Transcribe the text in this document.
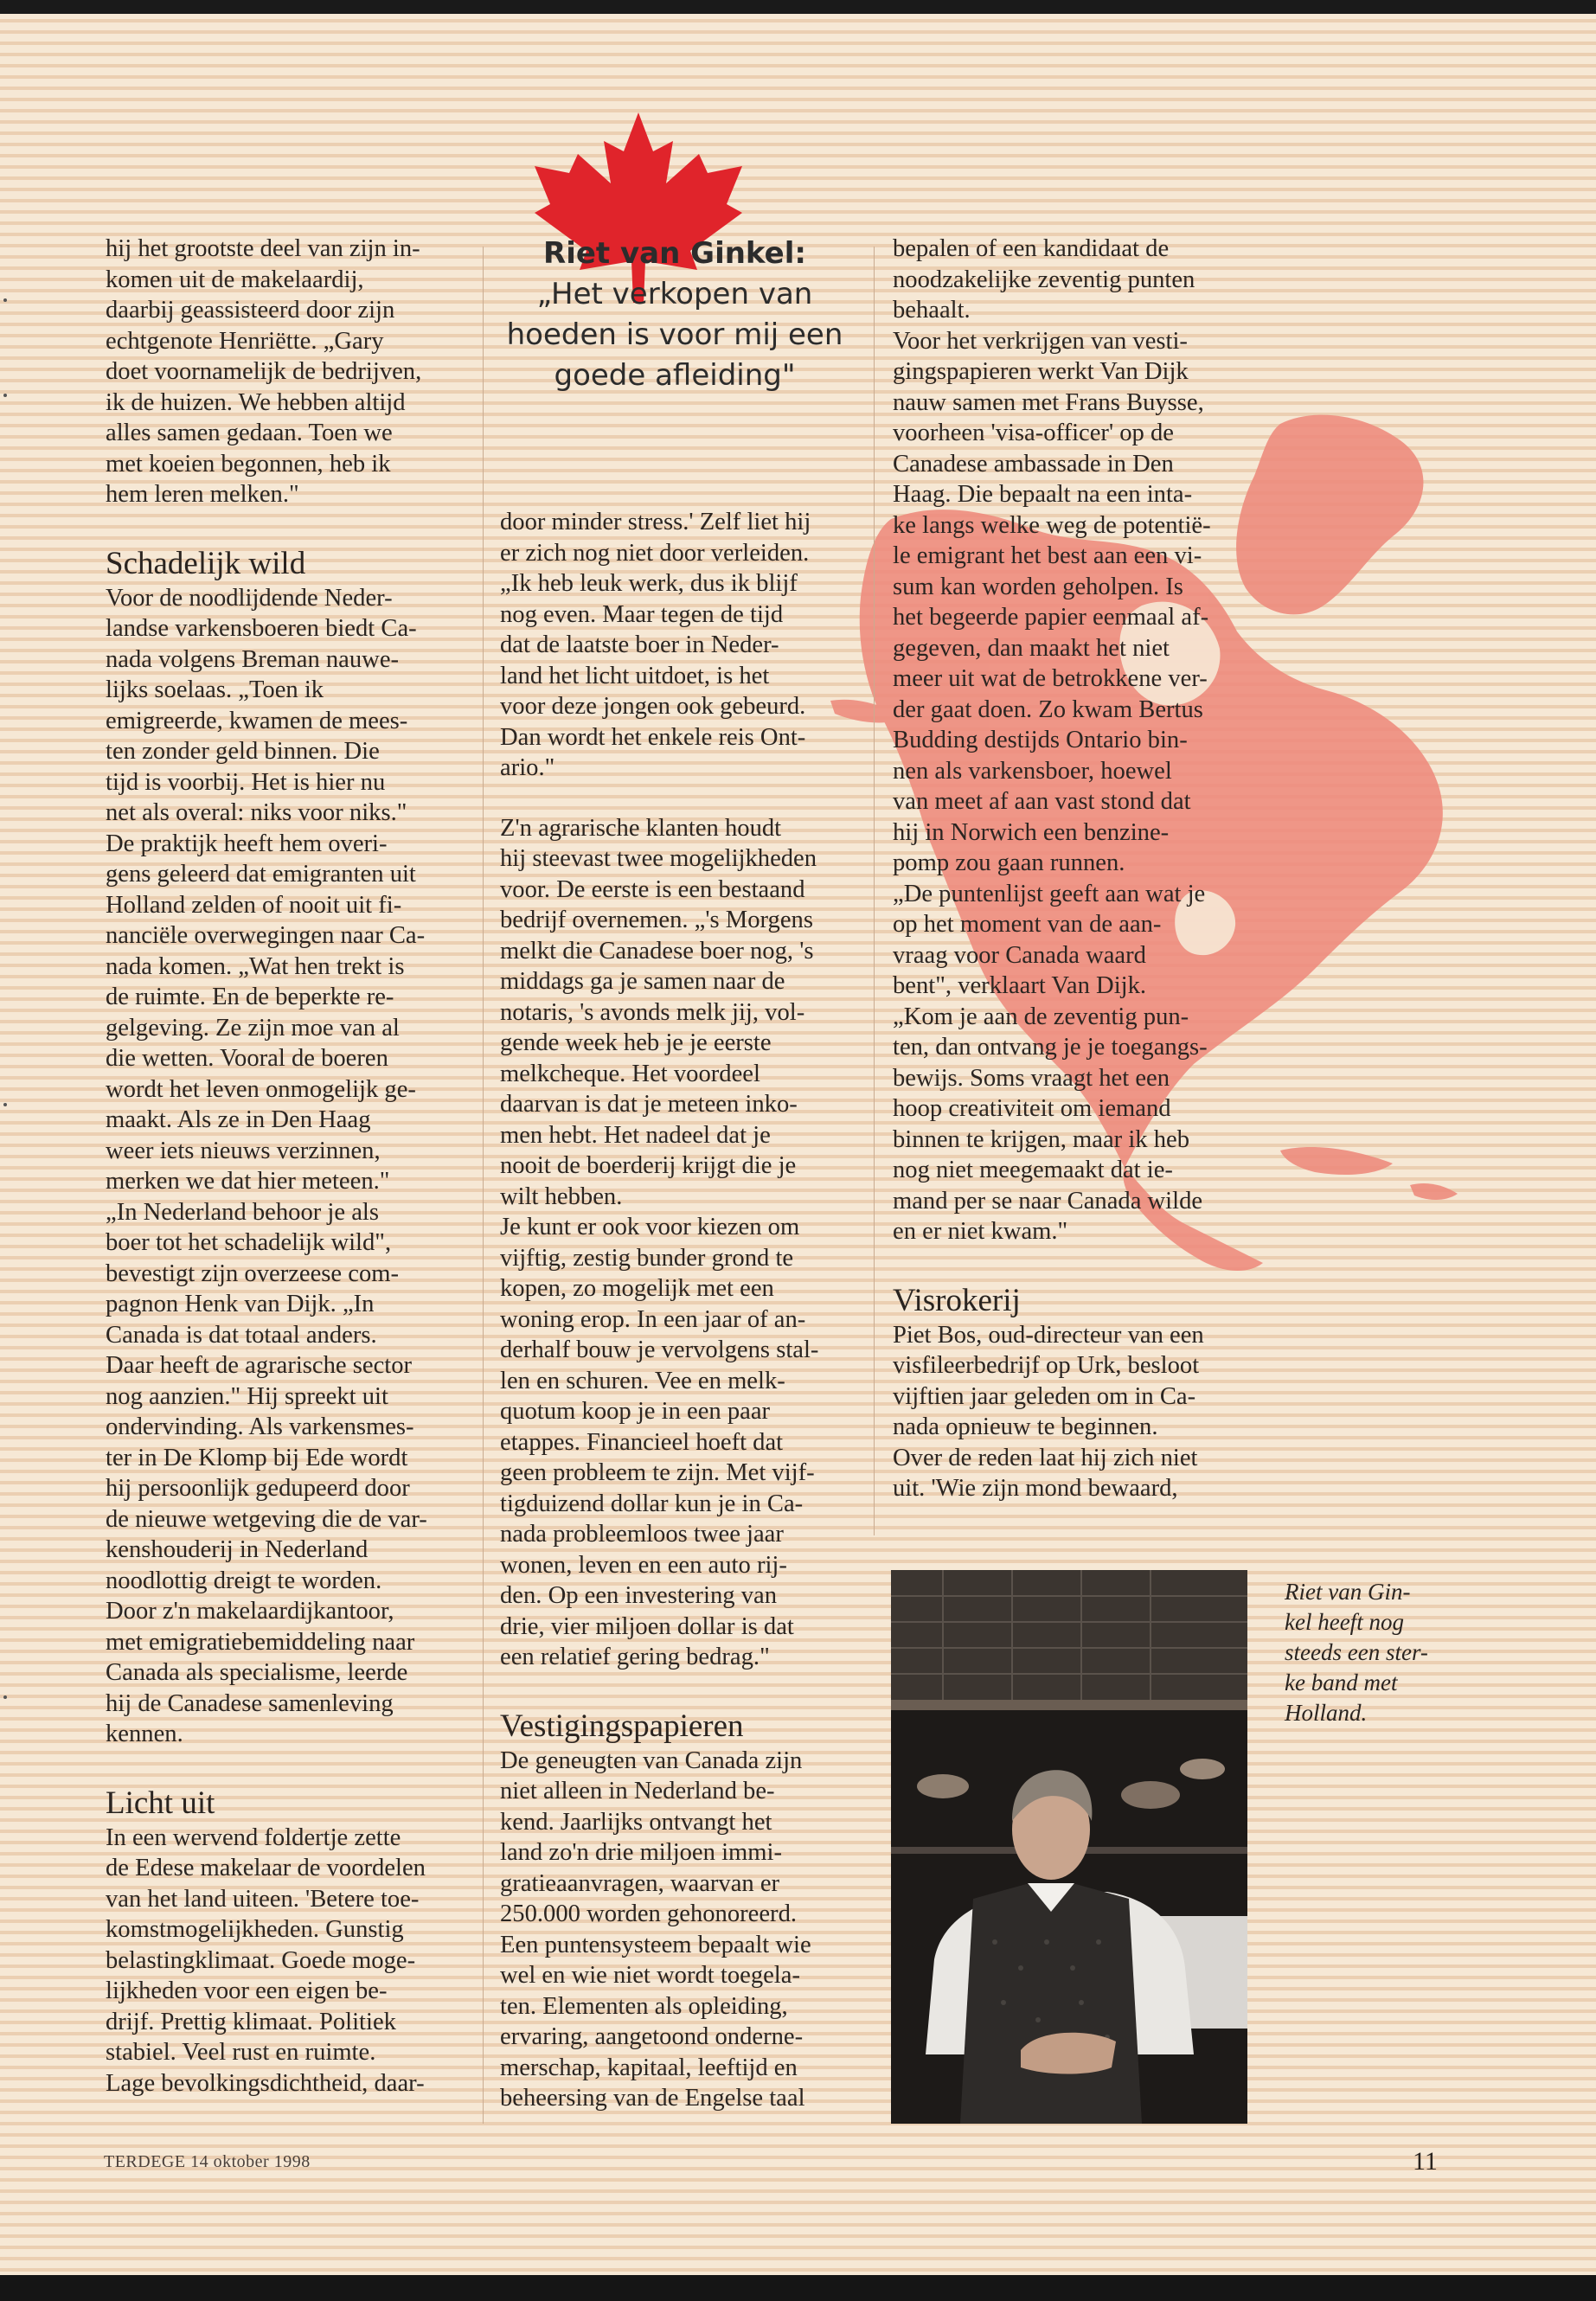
Riet van Ginkel:
„Het verkopen van
hoeden is voor mij een
goede afleiding"

hij het grootste deel van zijn in-

komen uit de makelaardij,

daarbij geassisteerd door zijn

echtgenote Henriëtte. „Gary

doet voornamelijk de bedrijven,

ik de huizen. We hebben altijd

alles samen gedaan. Toen we

met koeien begonnen, heb ik

hem leren melken."

Schadelijk wild

Voor de noodlijdende Neder-

landse varkensboeren biedt Ca-

nada volgens Breman nauwe-

lijks soelaas. „Toen ik

emigreerde, kwamen de mees-

ten zonder geld binnen. Die

tijd is voorbij. Het is hier nu

net als overal: niks voor niks."

De praktijk heeft hem overi-

gens geleerd dat emigranten uit

Holland zelden of nooit uit fi-

nanciële overwegingen naar Ca-

nada komen. „Wat hen trekt is

de ruimte. En de beperkte re-

gelgeving. Ze zijn moe van al

die wetten. Vooral de boeren

wordt het leven onmogelijk ge-

maakt. Als ze in Den Haag

weer iets nieuws verzinnen,

merken we dat hier meteen."

„In Nederland behoor je als

boer tot het schadelijk wild",

bevestigt zijn overzeese com-

pagnon Henk van Dijk. „In

Canada is dat totaal anders.

Daar heeft de agrarische sector

nog aanzien." Hij spreekt uit

ondervinding. Als varkensmes-

ter in De Klomp bij Ede wordt

hij persoonlijk gedupeerd door

de nieuwe wetgeving die de var-

kenshouderij in Nederland

noodlottig dreigt te worden.

Door z'n makelaardijkantoor,

met emigratiebemiddeling naar

Canada als specialisme, leerde

hij de Canadese samenleving

kennen.

Licht uit

In een wervend foldertje zette

de Edese makelaar de voordelen

van het land uiteen. 'Betere toe-

komstmogelijkheden. Gunstig

belastingklimaat. Goede moge-

lijkheden voor een eigen be-

drijf. Prettig klimaat. Politiek

stabiel. Veel rust en ruimte.

Lage bevolkingsdichtheid, daar-

door minder stress.' Zelf liet hij

er zich nog niet door verleiden.

„Ik heb leuk werk, dus ik blijf

nog even. Maar tegen de tijd

dat de laatste boer in Neder-

land het licht uitdoet, is het

voor deze jongen ook gebeurd.

Dan wordt het enkele reis Ont-

ario."

Z'n agrarische klanten houdt

hij steevast twee mogelijkheden

voor. De eerste is een bestaand

bedrijf overnemen. „'s Morgens

melkt die Canadese boer nog, 's

middags ga je samen naar de

notaris, 's avonds melk jij, vol-

gende week heb je je eerste

melkcheque. Het voordeel

daarvan is dat je meteen inko-

men hebt. Het nadeel dat je

nooit de boerderij krijgt die je

wilt hebben.

Je kunt er ook voor kiezen om

vijftig, zestig bunder grond te

kopen, zo mogelijk met een

woning erop. In een jaar of an-

derhalf bouw je vervolgens stal-

len en schuren. Vee en melk-

quotum koop je in een paar

etappes. Financieel hoeft dat

geen probleem te zijn. Met vijf-

tigduizend dollar kun je in Ca-

nada probleemloos twee jaar

wonen, leven en een auto rij-

den. Op een investering van

drie, vier miljoen dollar is dat

een relatief gering bedrag."

Vestigingspapieren

De geneugten van Canada zijn

niet alleen in Nederland be-

kend. Jaarlijks ontvangt het

land zo'n drie miljoen immi-

gratieaanvragen, waarvan er

250.000 worden gehonoreerd.

Een puntensysteem bepaalt wie

wel en wie niet wordt toegela-

ten. Elementen als opleiding,

ervaring, aangetoond onderne-

merschap, kapitaal, leeftijd en

beheersing van de Engelse taal

bepalen of een kandidaat de

noodzakelijke zeventig punten

behaalt.

Voor het verkrijgen van vesti-

gingspapieren werkt Van Dijk

nauw samen met Frans Buysse,

voorheen 'visa-officer' op de

Canadese ambassade in Den

Haag. Die bepaalt na een inta-

ke langs welke weg de potentië-

le emigrant het best aan een vi-

sum kan worden geholpen. Is

het begeerde papier eenmaal af-

gegeven, dan maakt het niet

meer uit wat de betrokkene ver-

der gaat doen. Zo kwam Bertus

Budding destijds Ontario bin-

nen als varkensboer, hoewel

van meet af aan vast stond dat

hij in Norwich een benzine-

pomp zou gaan runnen.

„De puntenlijst geeft aan wat je

op het moment van de aan-

vraag voor Canada waard

bent", verklaart Van Dijk.

„Kom je aan de zeventig pun-

ten, dan ontvang je je toegangs-

bewijs. Soms vraagt het een

hoop creativiteit om iemand

binnen te krijgen, maar ik heb

nog niet meegemaakt dat ie-

mand per se naar Canada wilde

en er niet kwam."

Visrokerij

Piet Bos, oud-directeur van een

visfileerbedrijf op Urk, besloot

vijftien jaar geleden om in Ca-

nada opnieuw te beginnen.

Over de reden laat hij zich niet

uit. 'Wie zijn mond bewaard,

Riet van Gin-
kel heeft nog
steeds een ster-
ke band met
Holland.
TERDEGE 14 oktober 1998	11
